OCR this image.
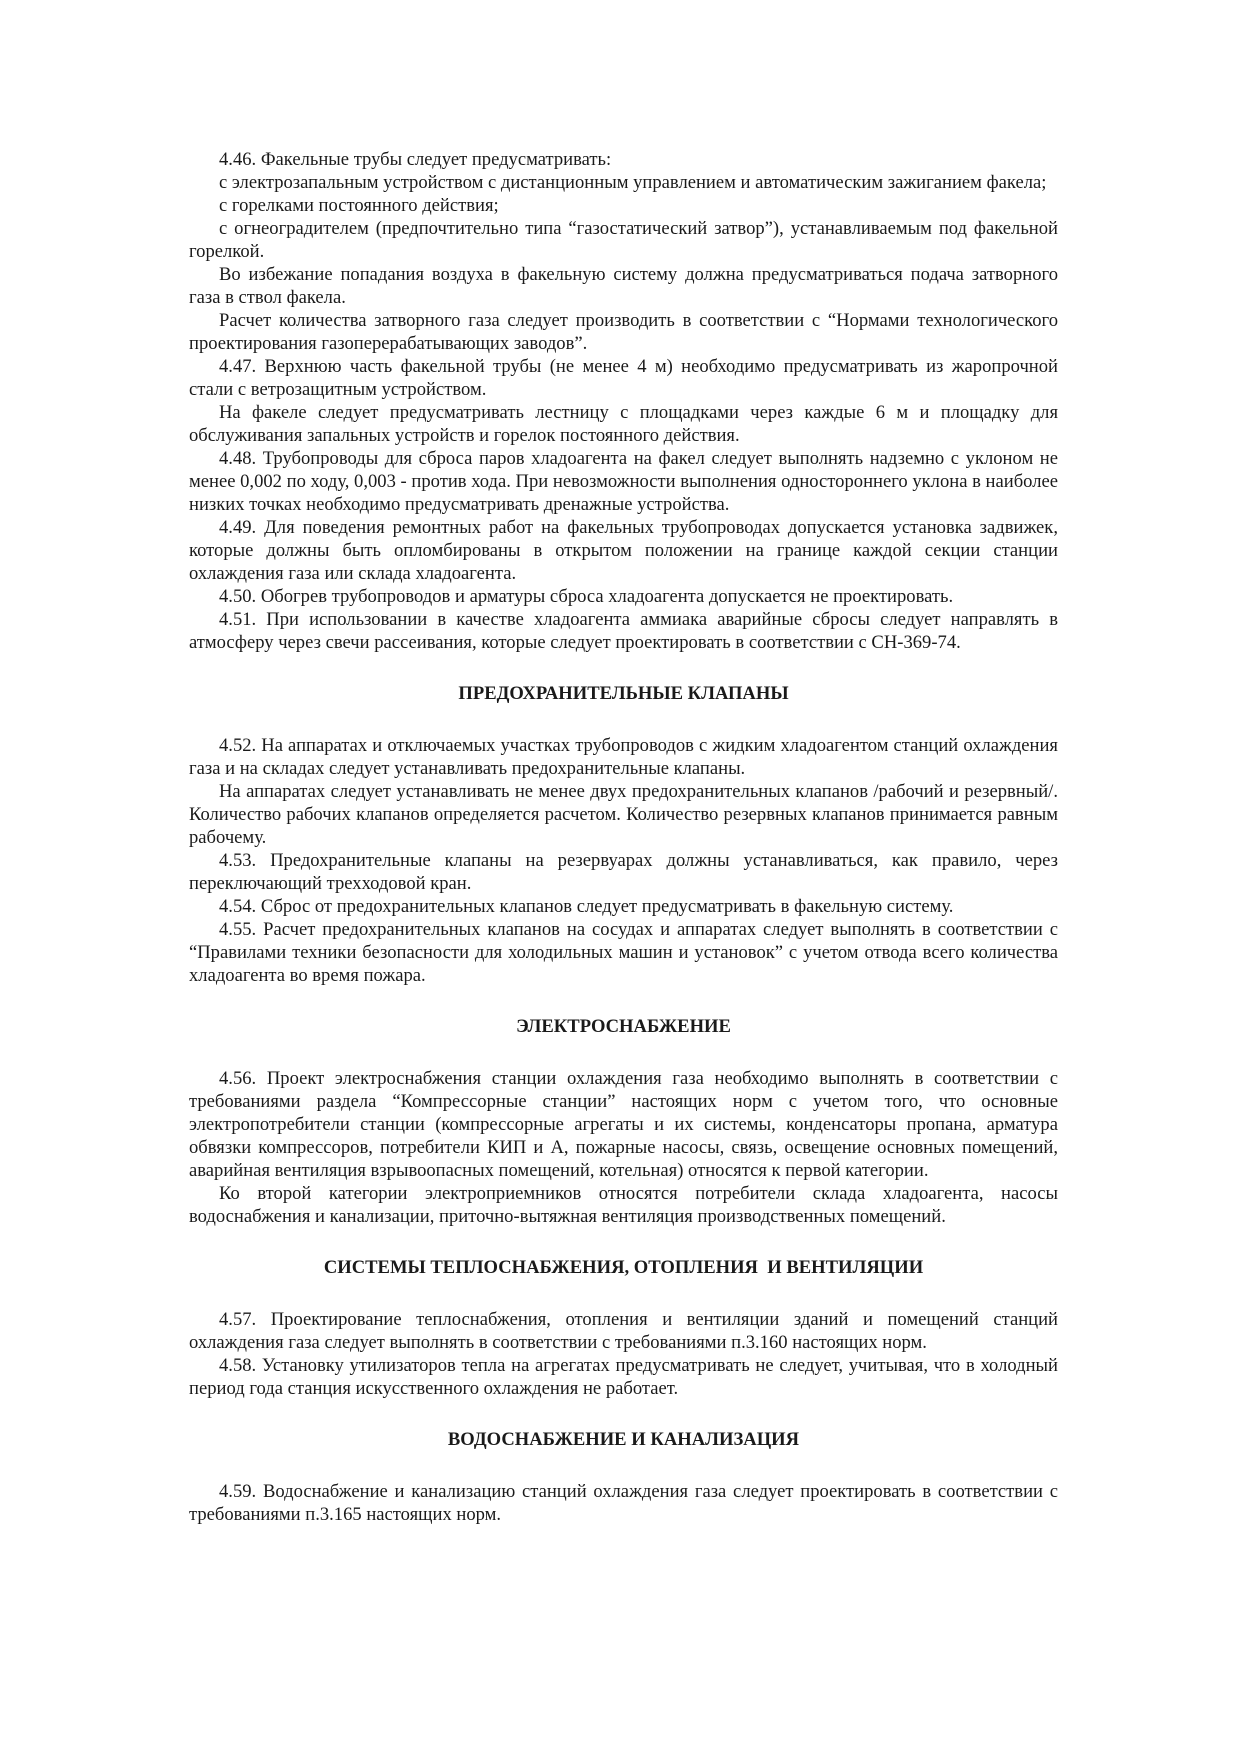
4.46. Факельные трубы следует предусматривать:

с электрозапальным устройством с дистанционным управлением и автоматическим зажиганием факела;

с горелками постоянного действия;

с огнеоградителем (предпочтительно типа “газостатический затвор”), устанавливаемым под факельной горелкой.

Во избежание попадания воздуха в факельную систему должна предусматриваться подача затворного газа в ствол факела.

Расчет количества затворного газа следует производить в соответствии с “Нормами технологического проектирования газоперерабатывающих заводов”.

4.47. Верхнюю часть факельной трубы (не менее 4 м) необходимо предусматривать из жаропрочной стали с ветрозащитным устройством.

На факеле следует предусматривать лестницу с площадками через каждые 6 м и площадку для обслуживания запальных устройств и горелок постоянного действия.

4.48. Трубопроводы для сброса паров хладоагента на факел следует выполнять надземно с уклоном не менее 0,002 по ходу, 0,003 - против хода. При невозможности выполнения одностороннего уклона в наиболее низких точках необходимо предусматривать дренажные устройства.

4.49. Для поведения ремонтных работ на факельных трубопроводах допускается установка задвижек, которые должны быть опломбированы в открытом положении на границе каждой секции станции охлаждения газа или склада хладоагента.

4.50. Обогрев трубопроводов и арматуры сброса хладоагента допускается не проектировать.

4.51. При использовании в качестве хладоагента аммиака аварийные сбросы следует направлять в атмосферу через свечи рассеивания, которые следует проектировать в соответствии с СН-369-74.

ПРЕДОХРАНИТЕЛЬНЫЕ КЛАПАНЫ

4.52. На аппаратах и отключаемых участках трубопроводов с жидким хладоагентом станций охлаждения газа и на складах следует устанавливать предохранительные клапаны.

На аппаратах следует устанавливать не менее двух предохранительных клапанов /рабочий и резервный/. Количество рабочих клапанов определяется расчетом. Количество резервных клапанов принимается равным рабочему.

4.53. Предохранительные клапаны на резервуарах должны устанавливаться, как правило, через переключающий трехходовой кран.

4.54. Сброс от предохранительных клапанов следует предусматривать в факельную систему.

4.55. Расчет предохранительных клапанов на сосудах и аппаратах следует выполнять в соответствии с “Правилами техники безопасности для холодильных машин и установок” с учетом отвода всего количества хладоагента во время пожара.

ЭЛЕКТРОСНАБЖЕНИЕ

4.56. Проект электроснабжения станции охлаждения газа необходимо выполнять в соответствии с требованиями раздела “Компрессорные станции” настоящих норм с учетом того, что основные электропотребители станции (компрессорные агрегаты и их системы, конденсаторы пропана, арматура обвязки компрессоров, потребители КИП и А, пожарные насосы, связь, освещение основных помещений, аварийная вентиляция взрывоопасных помещений, котельная) относятся к первой категории.

Ко второй категории электроприемников относятся потребители склада хладоагента, насосы водоснабжения и канализации, приточно-вытяжная вентиляция производственных помещений.

СИСТЕМЫ ТЕПЛОСНАБЖЕНИЯ, ОТОПЛЕНИЯ  И ВЕНТИЛЯЦИИ

4.57. Проектирование теплоснабжения, отопления и вентиляции зданий и помещений станций охлаждения газа следует выполнять в соответствии с требованиями п.3.160 настоящих норм.

4.58. Установку утилизаторов тепла на агрегатах предусматривать не следует, учитывая, что в холодный период года станция искусственного охлаждения не работает.

ВОДОСНАБЖЕНИЕ И КАНАЛИЗАЦИЯ

4.59. Водоснабжение и канализацию станций охлаждения газа следует проектировать в соответствии с требованиями п.3.165 настоящих норм.
